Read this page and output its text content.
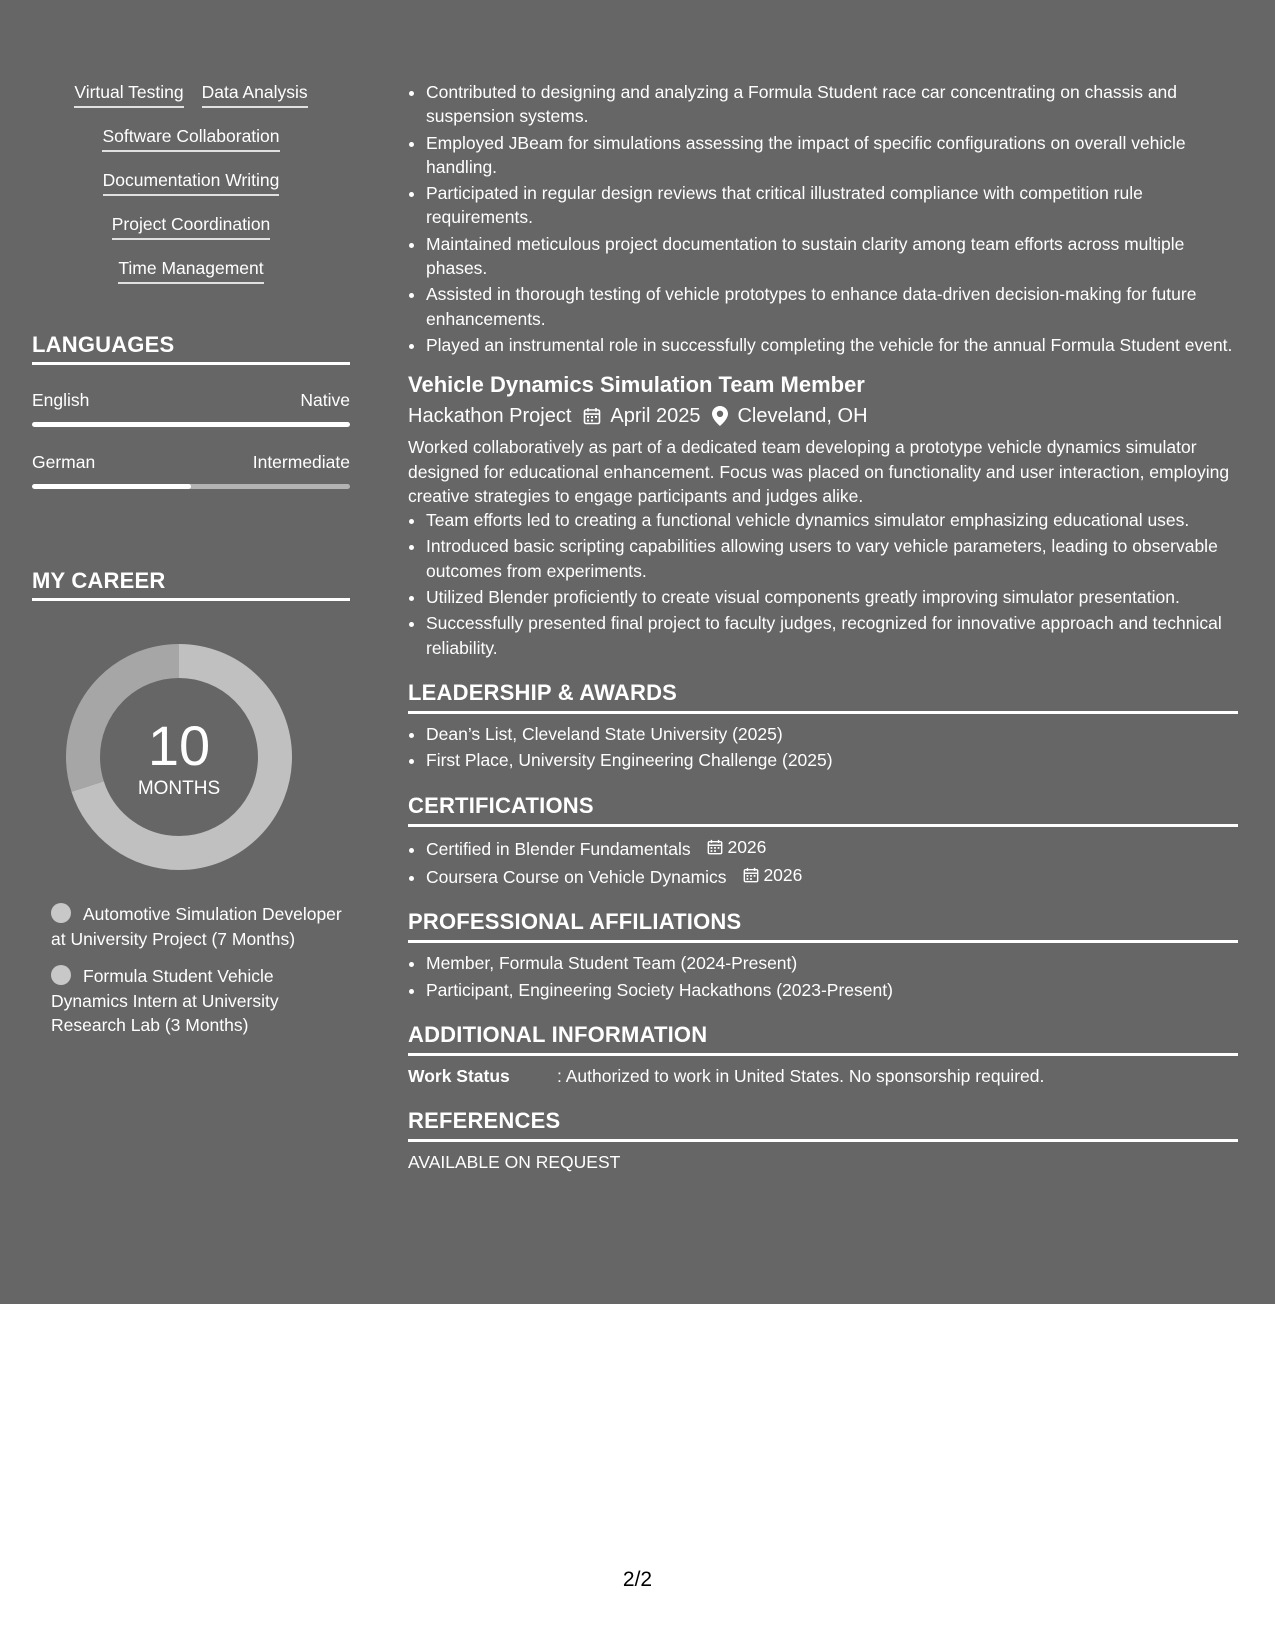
Virtual Testing Data Analysis
Software Collaboration
Documentation Writing
Project Coordination
Time Management
LANGUAGES
English	Native
German	Intermediate
MY CAREER
10
MONTHS
Automotive Simulation Developer at University Project (7 Months)
Formula Student Vehicle Dynamics Intern at University Research Lab (3 Months)
• Contributed to designing and analyzing a Formula Student race car concentrating on chassis and suspension systems.
• Employed JBeam for simulations assessing the impact of specific configurations on overall vehicle handling.
• Participated in regular design reviews that critical illustrated compliance with competition rule requirements.
• Maintained meticulous project documentation to sustain clarity among team efforts across multiple phases.
• Assisted in thorough testing of vehicle prototypes to enhance data-driven decision-making for future enhancements.
• Played an instrumental role in successfully completing the vehicle for the annual Formula Student event.
Vehicle Dynamics Simulation Team Member
Hackathon Project April 2025 Cleveland, OH
Worked collaboratively as part of a dedicated team developing a prototype vehicle dynamics simulator designed for educational enhancement. Focus was placed on functionality and user interaction, employing creative strategies to engage participants and judges alike.
• Team efforts led to creating a functional vehicle dynamics simulator emphasizing educational uses.
• Introduced basic scripting capabilities allowing users to vary vehicle parameters, leading to observable outcomes from experiments.
• Utilized Blender proficiently to create visual components greatly improving simulator presentation.
• Successfully presented final project to faculty judges, recognized for innovative approach and technical reliability.
LEADERSHIP & AWARDS
• Dean’s List, Cleveland State University (2025)
• First Place, University Engineering Challenge (2025)
CERTIFICATIONS
• Certified in Blender Fundamentals 2026
• Coursera Course on Vehicle Dynamics 2026
PROFESSIONAL AFFILIATIONS
• Member, Formula Student Team (2024-Present)
• Participant, Engineering Society Hackathons (2023-Present)
ADDITIONAL INFORMATION
Work Status	: Authorized to work in United States. No sponsorship required.
REFERENCES
AVAILABLE ON REQUEST
2/2
